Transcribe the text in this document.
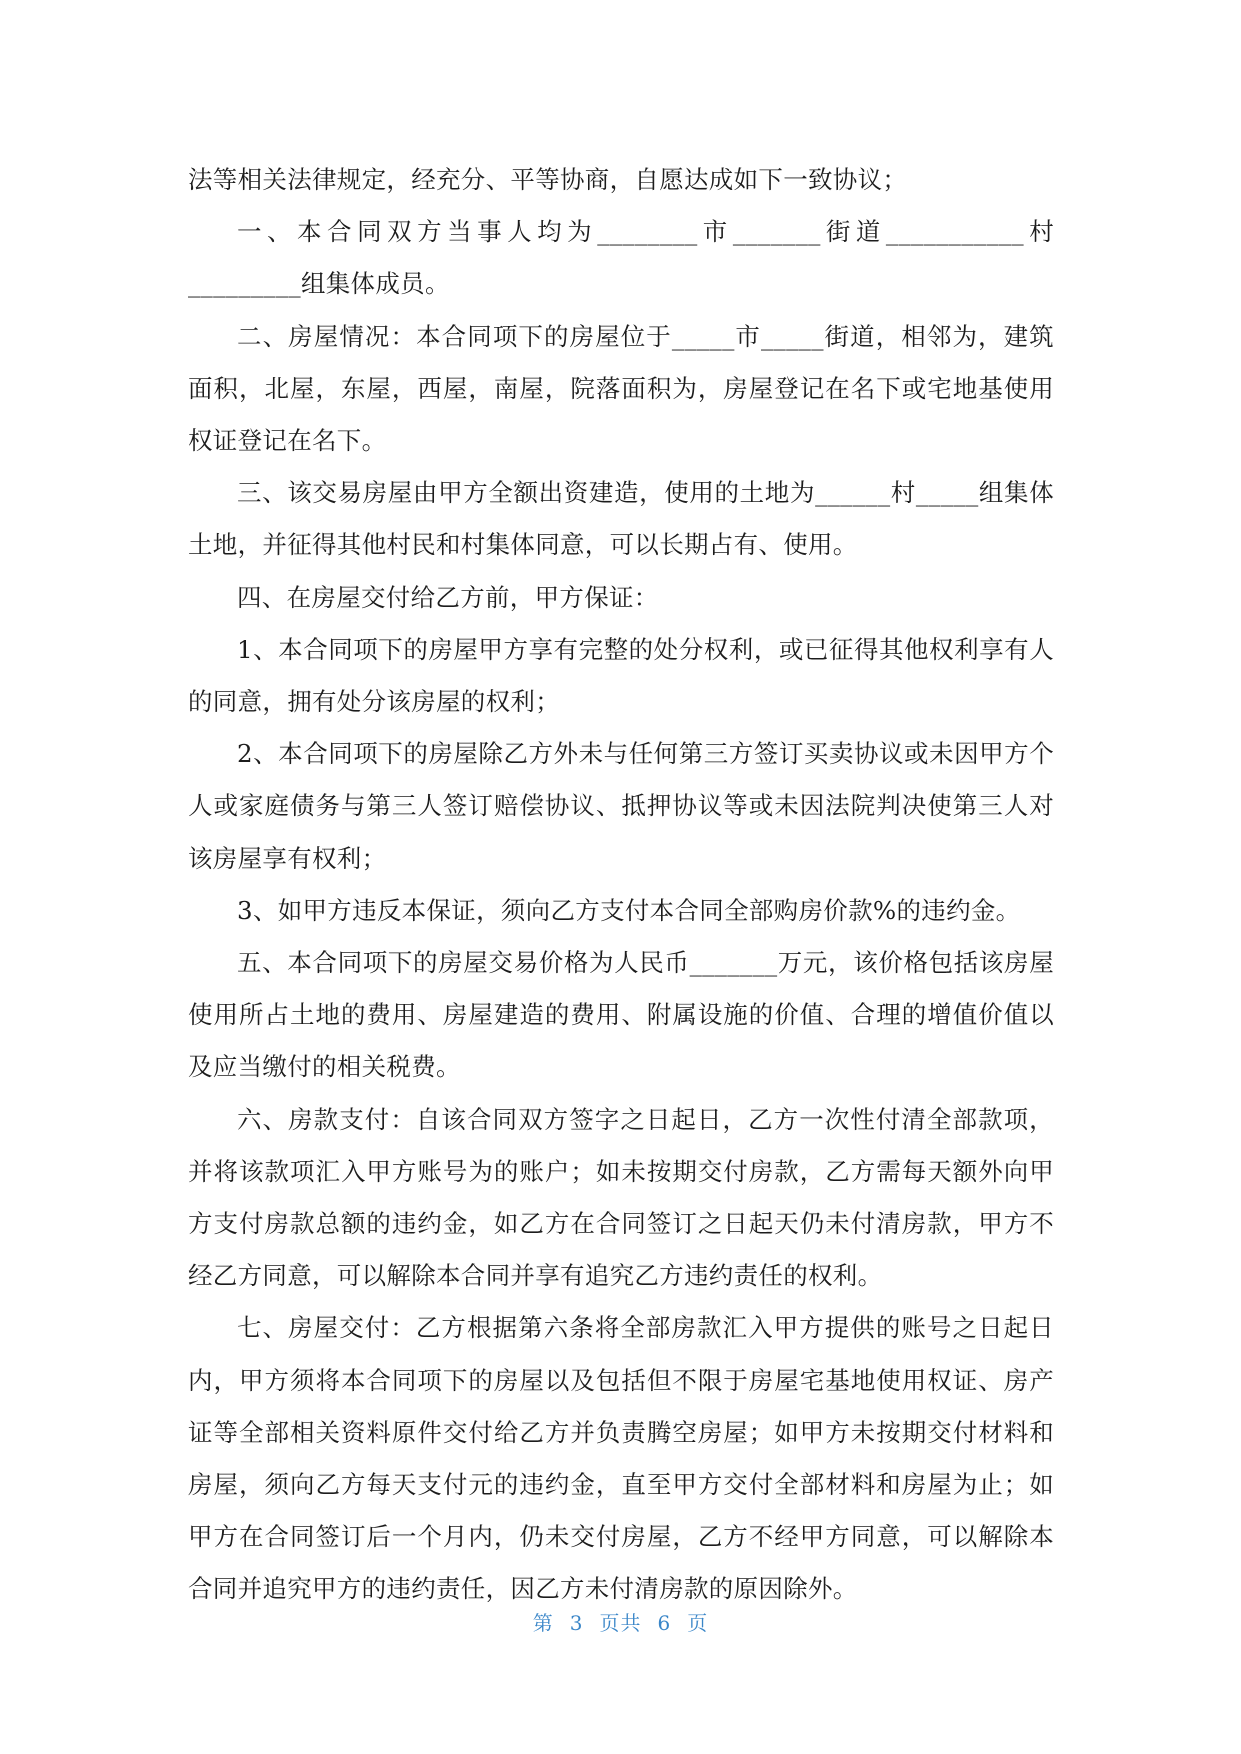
法等相关法律规定，经充分、平等协商，自愿达成如下一致协议；

一、本合同双方当事人均为________市_______街道___________村_________组集体成员。

二、房屋情况：本合同项下的房屋位于_____市_____街道，相邻为，建筑面积，北屋，东屋，西屋，南屋，院落面积为，房屋登记在名下或宅地基使用权证登记在名下。

三、该交易房屋由甲方全额出资建造，使用的土地为______村_____组集体土地，并征得其他村民和村集体同意，可以长期占有、使用。

四、在房屋交付给乙方前，甲方保证：

1、本合同项下的房屋甲方享有完整的处分权利，或已征得其他权利享有人的同意，拥有处分该房屋的权利；

2、本合同项下的房屋除乙方外未与任何第三方签订买卖协议或未因甲方个人或家庭债务与第三人签订赔偿协议、抵押协议等或未因法院判决使第三人对该房屋享有权利；

3、如甲方违反本保证，须向乙方支付本合同全部购房价款%的违约金。

五、本合同项下的房屋交易价格为人民币_______万元，该价格包括该房屋使用所占土地的费用、房屋建造的费用、附属设施的价值、合理的增值价值以及应当缴付的相关税费。

六、房款支付：自该合同双方签字之日起日，乙方一次性付清全部款项，并将该款项汇入甲方账号为的账户；如未按期交付房款，乙方需每天额外向甲方支付房款总额的违约金，如乙方在合同签订之日起天仍未付清房款，甲方不经乙方同意，可以解除本合同并享有追究乙方违约责任的权利。

七、房屋交付：乙方根据第六条将全部房款汇入甲方提供的账号之日起日内，甲方须将本合同项下的房屋以及包括但不限于房屋宅基地使用权证、房产证等全部相关资料原件交付给乙方并负责腾空房屋；如甲方未按期交付材料和房屋，须向乙方每天支付元的违约金，直至甲方交付全部材料和房屋为止；如甲方在合同签订后一个月内，仍未交付房屋，乙方不经甲方同意，可以解除本合同并追究甲方的违约责任，因乙方未付清房款的原因除外。

第 3 页共 6 页
